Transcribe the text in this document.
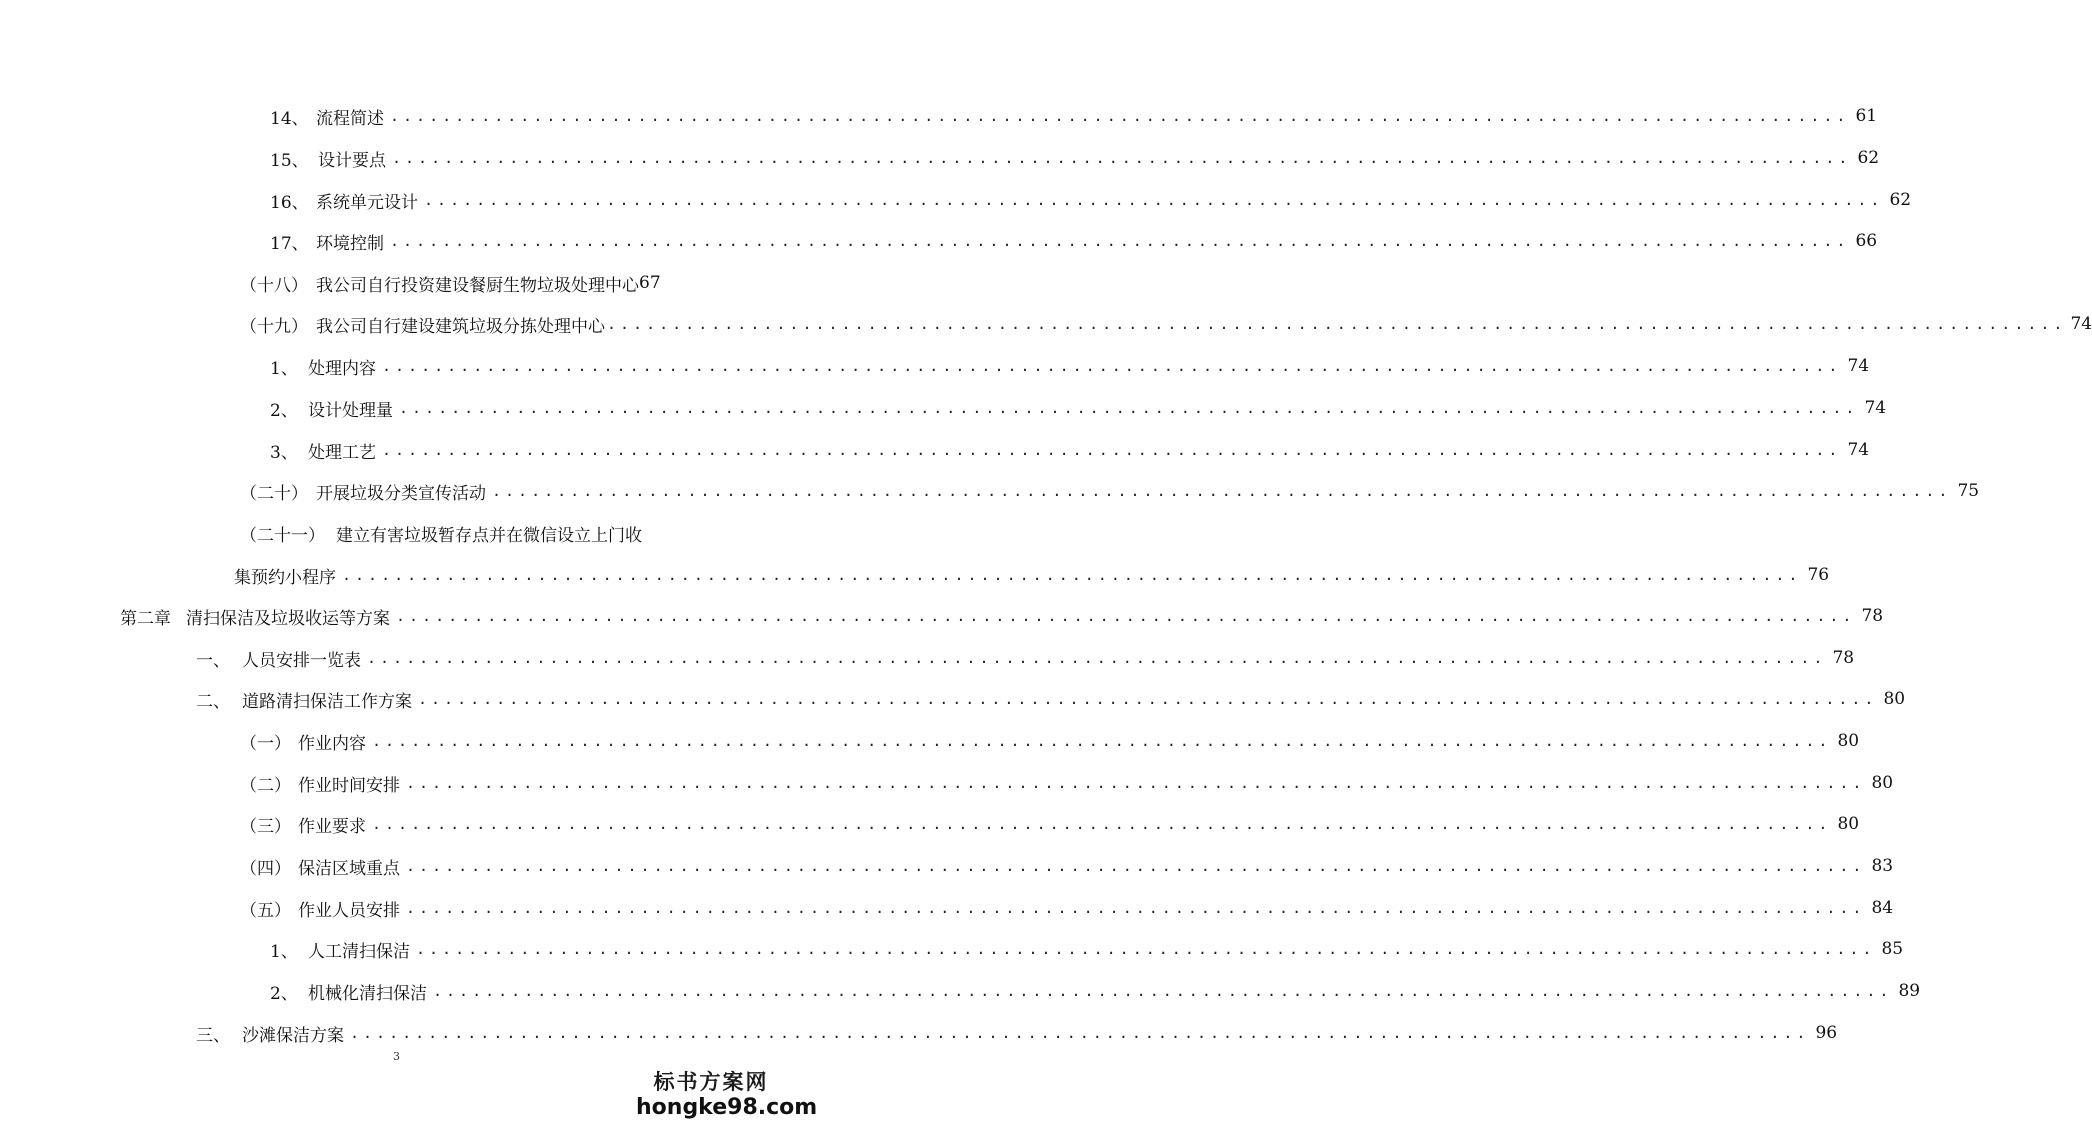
14、 流程简述 .....	61
15、 设计要点 .....	62
16、 系统单元设计 .....	62
17、 环境控制 .....	66
（十八） 我公司自行投资建设餐厨生物垃圾处理中心 67
（十九） 我公司自行建设建筑垃圾分拣处理中心 .....	74
1、 处理内容 .....	74
2、 设计处理量 .....	74
3、 处理工艺 .....	74
（二十） 开展垃圾分类宣传活动 .....	75
（二十一） 建立有害垃圾暂存点并在微信设立上门收
集预约小程序 .....	76
第二章 清扫保洁及垃圾收运等方案 .....	78
一、 人员安排一览表 .....	78
二、 道路清扫保洁工作方案 .....	80
（一） 作业内容 .....	80
（二） 作业时间安排 .....	80
（三） 作业要求 .....	80
（四） 保洁区域重点 .....	83
（五） 作业人员安排 .....	84
1、 人工清扫保洁 .....	85
2、 机械化清扫保洁 .....	89
三、 沙滩保洁方案 .....	96
3
标书方案网
hongke98.com
